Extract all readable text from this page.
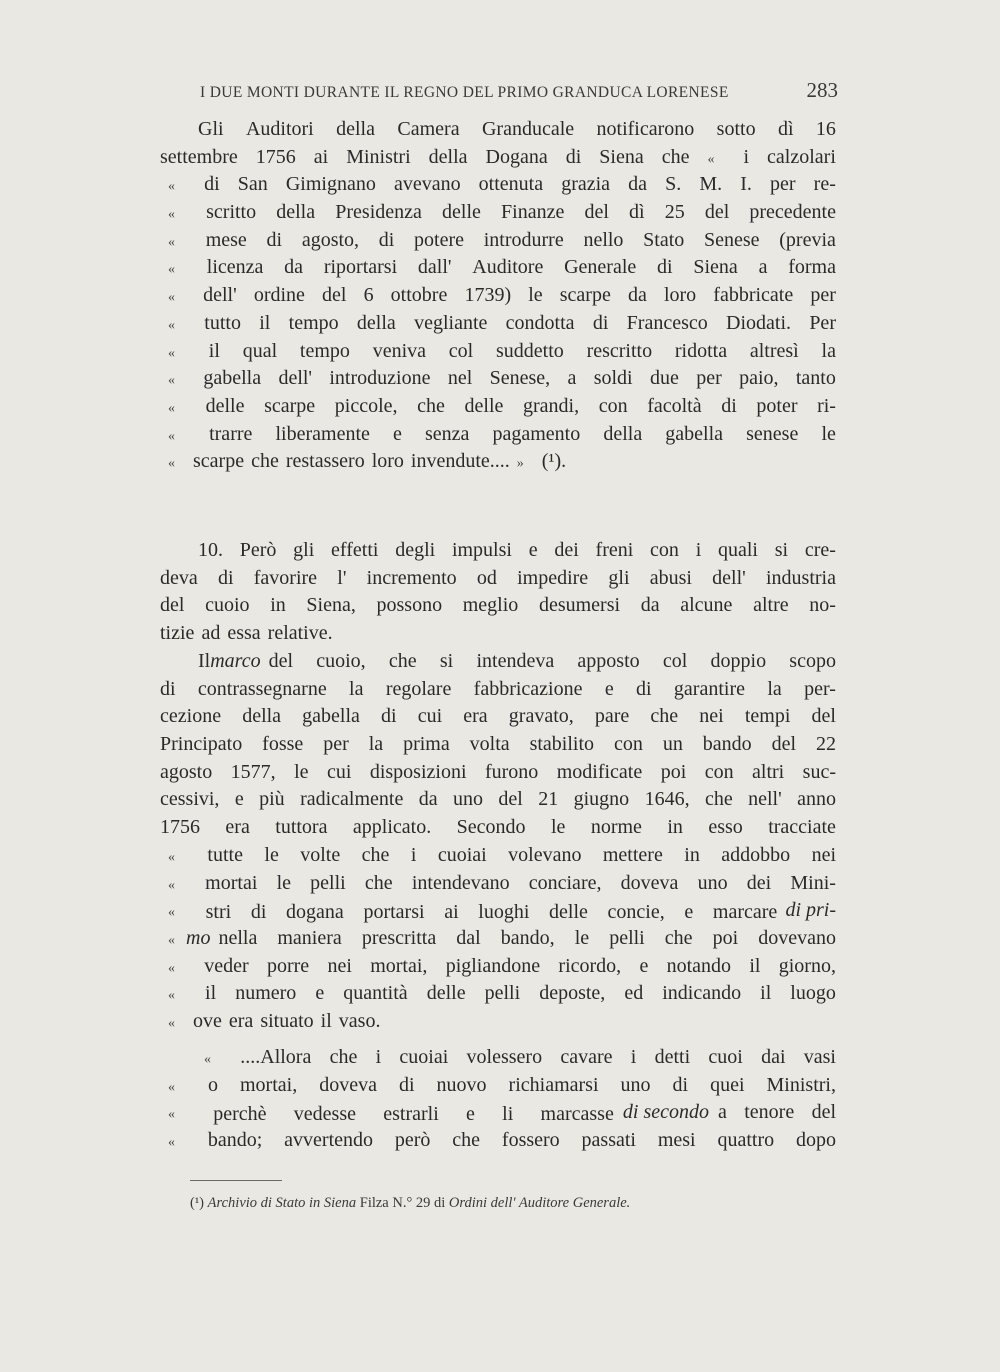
I DUE MONTI DURANTE IL REGNO DEL PRIMO GRANDUCA LORENESE	283
Gli Auditori della Camera Granducale notificarono sotto dì 16
settembre 1756 ai Ministri della Dogana di Siena che «	i calzolari
«	di San Gimignano avevano ottenuta grazia da S. M. I. per re-
«	scritto della Presidenza delle Finanze del dì 25 del precedente
«	mese di agosto, di potere introdurre nello Stato Senese (previa
«	licenza da riportarsi dall' Auditore Generale di Siena a forma
«	dell' ordine del 6 ottobre 1739) le scarpe da loro fabbricate per
«	tutto il tempo della vegliante condotta di Francesco Diodati. Per
«	il qual tempo veniva col suddetto rescritto ridotta altresì la
«	gabella dell' introduzione nel Senese, a soldi due per paio, tanto
«	delle scarpe piccole, che delle grandi, con facoltà di poter ri-
«	trarre liberamente e senza pagamento della gabella senese le
« scarpe che restassero loro invendute.... » (¹).
10. Però gli effetti degli impulsi e dei freni con i quali si cre-
deva di favorire l' incremento od impedire gli abusi dell' industria
del cuoio in Siena, possono meglio desumersi da alcune altre no-
tizie ad essa relative.
Il marco del cuoio, che si intendeva apposto col doppio scopo
di contrassegnarne la regolare fabbricazione e di garantire la per-
cezione della gabella di cui era gravato, pare che nei tempi del
Principato fosse per la prima volta stabilito con un bando del 22
agosto 1577, le cui disposizioni furono modificate poi con altri suc-
cessivi, e più radicalmente da uno del 21 giugno 1646, che nell' anno
1756 era tuttora applicato. Secondo le norme in esso tracciate
«	tutte le volte che i cuoiai volevano mettere in addobbo nei
«	mortai le pelli che intendevano conciare, doveva uno dei Mini-
«	stri di dogana portarsi ai luoghi delle concie, e marcare di pri-
« mo nella maniera prescritta dal bando, le pelli che poi dovevano
«	veder porre nei mortai, pigliandone ricordo, e notando il giorno,
«	il numero e quantità delle pelli deposte, ed indicando il luogo
« ove era situato il vaso.
«	....Allora che i cuoiai volessero cavare i detti cuoi dai vasi
«	o mortai, doveva di nuovo richiamarsi uno di quei Ministri,
«	perchè vedesse estrarli e li marcasse di secondo a tenore del
«	bando; avvertendo però che fossero passati mesi quattro dopo
(¹) Archivio di Stato in Siena Filza N.° 29 di Ordini dell' Auditore Generale.
